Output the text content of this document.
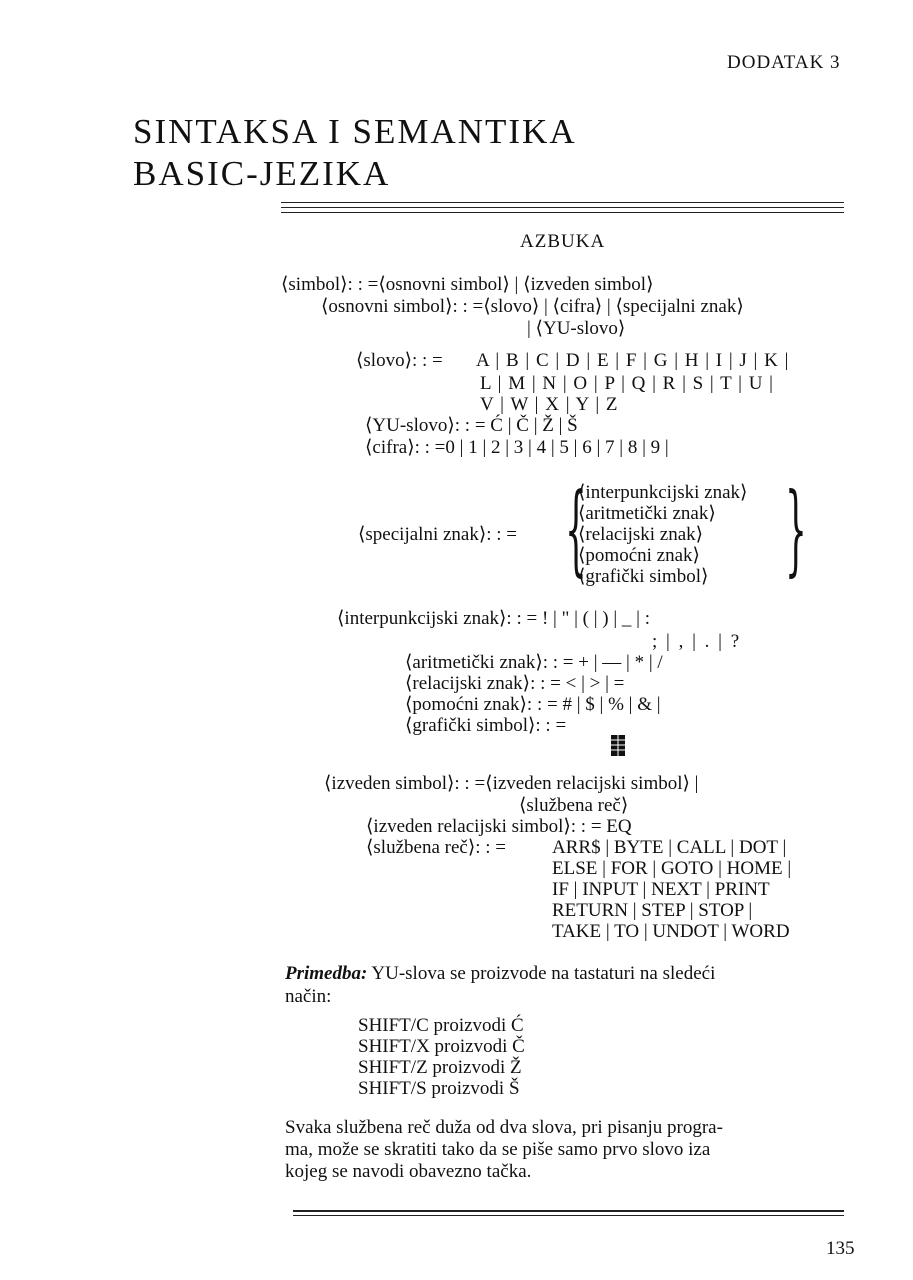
DODATAK 3
SINTAKSA I SEMANTIKA
BASIC-JEZIKA
AZBUKA
⟨simbol⟩: : =⟨osnovni simbol⟩ | ⟨izveden simbol⟩
⟨osnovni simbol⟩: : =⟨slovo⟩ | ⟨cifra⟩ | ⟨specijalni znak⟩
| ⟨YU-slovo⟩
⟨slovo⟩: : = A | B | C | D | E | F | G | H | I | J | K |
L | M | N | O | P | Q | R | S | T | U |
V | W | X | Y | Z
⟨YU-slovo⟩: : = Ć | Č | Ž | Š
⟨cifra⟩: : =0 | 1 | 2 | 3 | 4 | 5 | 6 | 7 | 8 | 9 |
⟨specijalni znak⟩: : = {
⟨interpunkcijski znak⟩
⟨aritmetički znak⟩
⟨relacijski znak⟩
⟨pomoćni znak⟩
⟨grafički simbol⟩ }
⟨interpunkcijski znak⟩: : = ! | " | ( | ) | _ | :
; | , | . | ?
⟨aritmetički znak⟩: : = + | — | * | /
⟨relacijski znak⟩: : = < | > | =
⟨pomoćni znak⟩: : = # | $ | % | & |
⟨grafički simbol⟩: : =

⟨izveden simbol⟩: : =⟨izveden relacijski simbol⟩ |
⟨službena reč⟩
⟨izveden relacijski simbol⟩: : = EQ
⟨službena reč⟩: : = ARR$ | BYTE | CALL | DOT |
ELSE | FOR | GOTO | HOME |
IF | INPUT | NEXT | PRINT
RETURN | STEP | STOP |
TAKE | TO | UNDOT | WORD
Primedba: YU-slova se proizvode na tastaturi na sledeći
način:
SHIFT/C proizvodi Ć
SHIFT/X proizvodi Č
SHIFT/Z proizvodi Ž
SHIFT/S proizvodi Š
Svaka službena reč duža od dva slova, pri pisanju progra-
ma, može se skratiti tako da se piše samo prvo slovo iza
kojeg se navodi obavezno tačka.
135
